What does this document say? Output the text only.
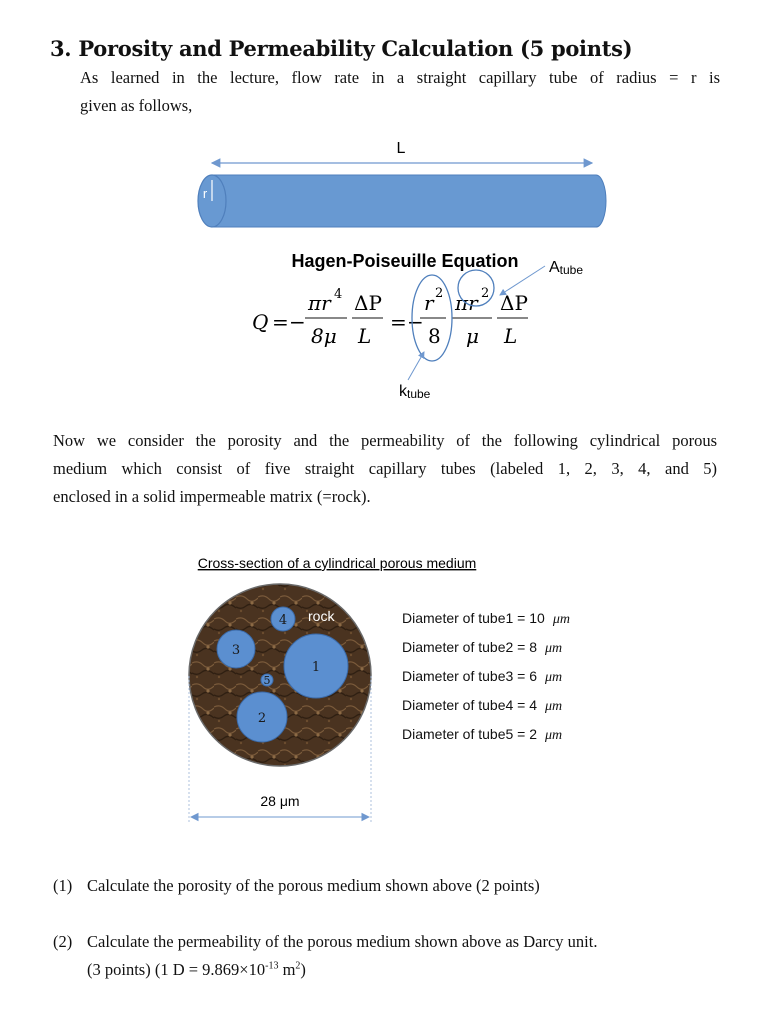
3. Porosity and Permeability Calculation (5 points)
As learned in the lecture, flow rate in a straight capillary tube of radius = r is
given as follows,
L
r
Hagen-Poiseuille Equation Atube
Q = −
πr 4
8μ
ΔP
L
= −
r 2
8
πr 2
μ
ΔP
L
ktube
Now we consider the porosity and the permeability of the following cylindrical porous
medium which consist of five straight capillary tubes (labeled 1, 2, 3, 4, and 5)
enclosed in a solid impermeable matrix (=rock).
Cross-section of a cylindrical porous medium
rock
1
2
3
4
5
28 μm
Diameter of tube1 = 10 μm
Diameter of tube2 = 8 μm
Diameter of tube3 = 6 μm
Diameter of tube4 = 4 μm
Diameter of tube5 = 2 μm
(1) Calculate the porosity of the porous medium shown above (2 points)
(2) Calculate the permeability of the porous medium shown above as Darcy unit.
(3 points) (1 $D = 9.869\times 10^{-13}$ $m^2$)
